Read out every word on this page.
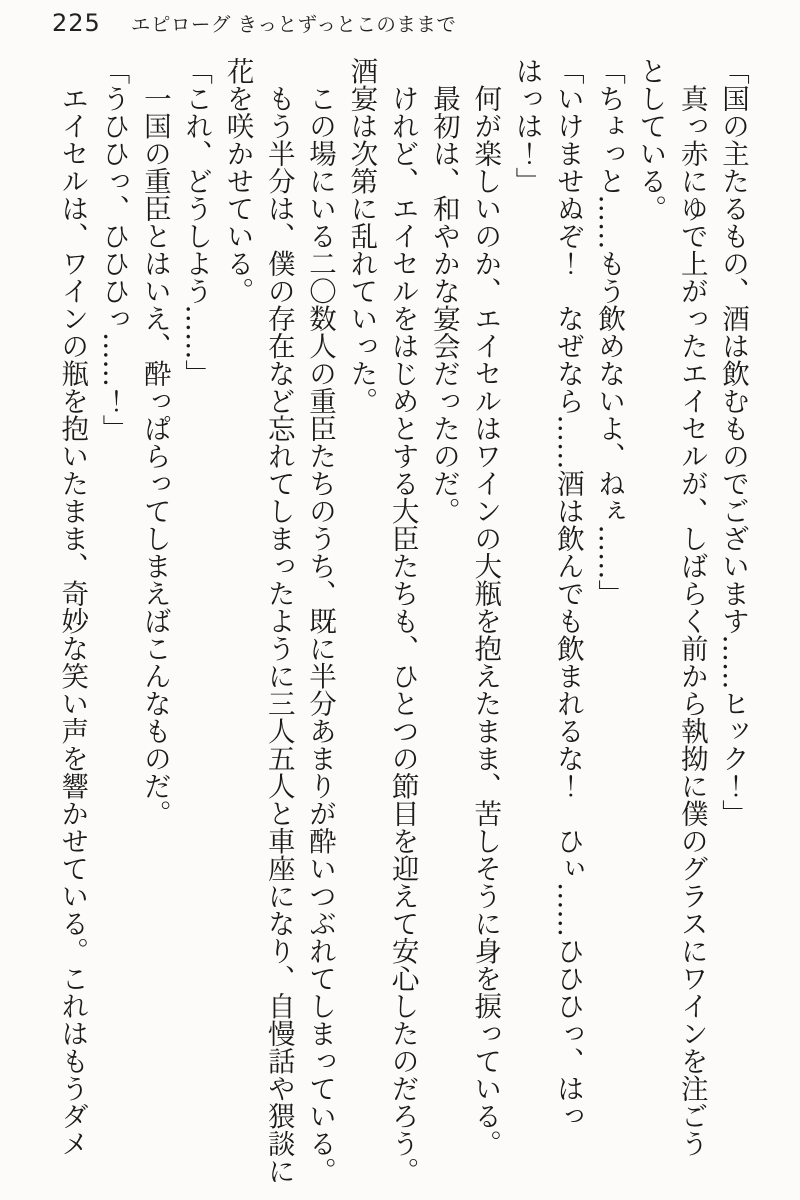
225 エピローグ きっとずっとこのままで
「国の主たるもの、酒は飲むものでございます……ヒック！」
　真っ赤にゆで上がったエイセルが、しばらく前から執拗に僕のグラスにワインを注ごう
としている。
「ちょっと……もう飲めないよ、ねぇ……」
「いけませぬぞ！　なぜなら……酒は飲んでも飲まれるな！　ひぃ……ひひひっ、はっ
はっは！」
　何が楽しいのか、エイセルはワインの大瓶を抱えたまま、苦しそうに身を捩っている。
　最初は、和やかな宴会だったのだ。
　けれど、エイセルをはじめとする大臣たちも、ひとつの節目を迎えて安心したのだろう。
酒宴は次第に乱れていった。
　この場にいる二〇数人の重臣たちのうち、既に半分あまりが酔いつぶれてしまっている。
　もう半分は、僕の存在など忘れてしまったように三人五人と車座になり、自慢話や猥談に
花を咲かせている。
「これ、どうしよう……」
　一国の重臣とはいえ、酔っぱらってしまえばこんなものだ。
「うひひっ、ひひひっ……！」
　エイセルは、ワインの瓶を抱いたまま、奇妙な笑い声を響かせている。これはもうダメ
